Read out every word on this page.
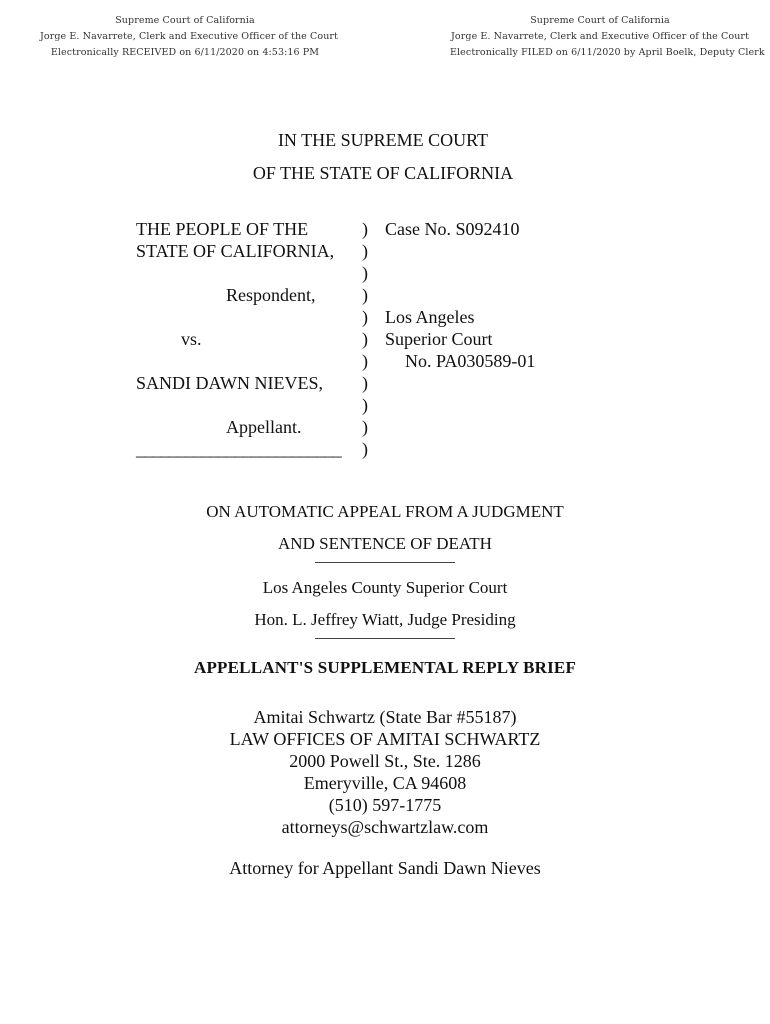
Supreme Court of California
Jorge E. Navarrete, Clerk and Executive Officer of the Court
Electronically RECEIVED on 6/11/2020 on 4:53:16 PM
Supreme Court of California
Jorge E. Navarrete, Clerk and Executive Officer of the Court
Electronically FILED on 6/11/2020 by April Boelk, Deputy Clerk
IN THE SUPREME COURT
OF THE STATE OF CALIFORNIA
THE PEOPLE OF THE
STATE OF CALIFORNIA,
Respondent,
vs.
SANDI DAWN NIEVES,
Appellant.
_________________________
)
)
)
)
)
)
)
)
)
)
)
Case No. S092410
Los Angeles
Superior Court
No. PA030589-01
ON AUTOMATIC APPEAL FROM A JUDGMENT
AND SENTENCE OF DEATH
Los Angeles County Superior Court
Hon. L. Jeffrey Wiatt, Judge Presiding
APPELLANT'S SUPPLEMENTAL REPLY BRIEF
Amitai Schwartz (State Bar #55187)
LAW OFFICES OF AMITAI SCHWARTZ
2000 Powell St., Ste. 1286
Emeryville, CA 94608
(510) 597-1775
attorneys@schwartzlaw.com
Attorney for Appellant Sandi Dawn Nieves
